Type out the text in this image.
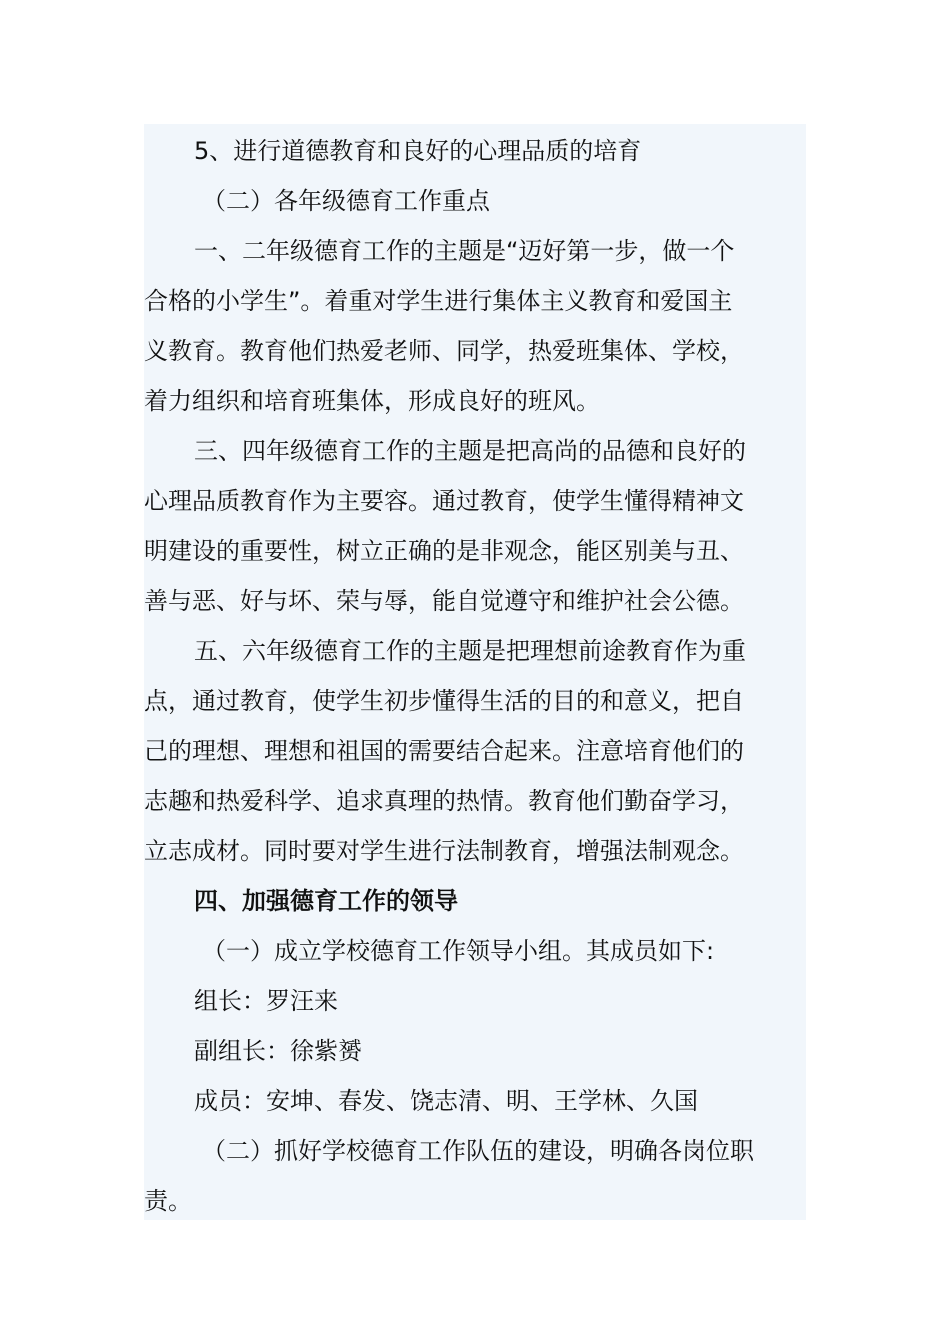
5、进行道德教育和良好的心理品质的培育
（二）各年级德育工作重点
一、二年级德育工作的主题是“迈好第一步，做一个
合格的小学生”。着重对学生进行集体主义教育和爱国主
义教育。教育他们热爱老师、同学，热爱班集体、学校，
着力组织和培育班集体，形成良好的班风。
三、四年级德育工作的主题是把高尚的品德和良好的
心理品质教育作为主要容。通过教育，使学生懂得精神文
明建设的重要性，树立正确的是非观念，能区别美与丑、
善与恶、好与坏、荣与辱，能自觉遵守和维护社会公德。
五、六年级德育工作的主题是把理想前途教育作为重
点，通过教育，使学生初步懂得生活的目的和意义，把自
己的理想、理想和祖国的需要结合起来。注意培育他们的
志趣和热爱科学、追求真理的热情。教育他们勤奋学习，
立志成材。同时要对学生进行法制教育，增强法制观念。
四、加强德育工作的领导
（一）成立学校德育工作领导小组。其成员如下:
组长：罗汪来
副组长：徐紫赟
成员：安坤、春发、饶志清、明、王学林、久国
（二）抓好学校德育工作队伍的建设，明确各岗位职
责。
